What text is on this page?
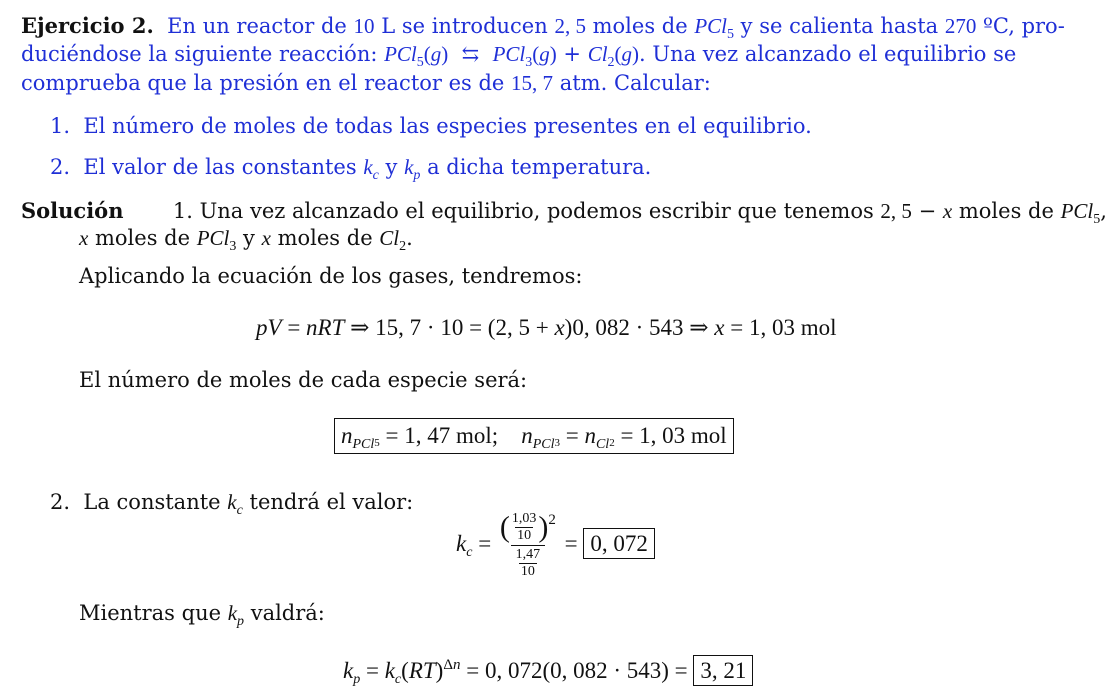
Ejercicio 2.  En un reactor de 10 L se introducen 2, 5 moles de PCl$_5$ y se calienta hasta 270 ºC, pro-
duciéndose la siguiente reacción: PCl$_5$(g)  ⇆  $PCl_3(g) + Cl_2(g)$. Una vez alcanzado el equilibrio se
comprueba que la presión en el reactor es de 15, 7 atm. Calcular:
1. El número de moles de todas las especies presentes en el equilibrio.
2.  El valor de las constantes $k_c$ y $k_p$ a dicha temperatura.
Solución 1. Una vez alcanzado el equilibrio, podemos escribir que tenemos 2, 5 − x moles de PCl$_5$,
x moles de PCl$_3$ y x moles de $Cl_2$.
Aplicando la ecuación de los gases, tendremos:
pV = nRT ⇒ 15, 7 · 10 = (2, 5 + x)0, 082 · 543 ⇒ x = 1, 03 mol
El número de moles de cada especie será:
$n_{PCl}5 = 1$, 47 mol;    $n_{PCl}3 = n_{Cl}2 = 1$, 03 mol
2.  La constante $k_c$ tendrá el valor:
$k_c = \frac{( \frac{1,03}{10} )^2}{\frac{1,47}{10}} = 0$, 072
Mientras que $k_p$ valdrá:
$k_p = k_c(RT)^{\Delta n} = 0$, 072(0, 082 · 543) = 3, 21
